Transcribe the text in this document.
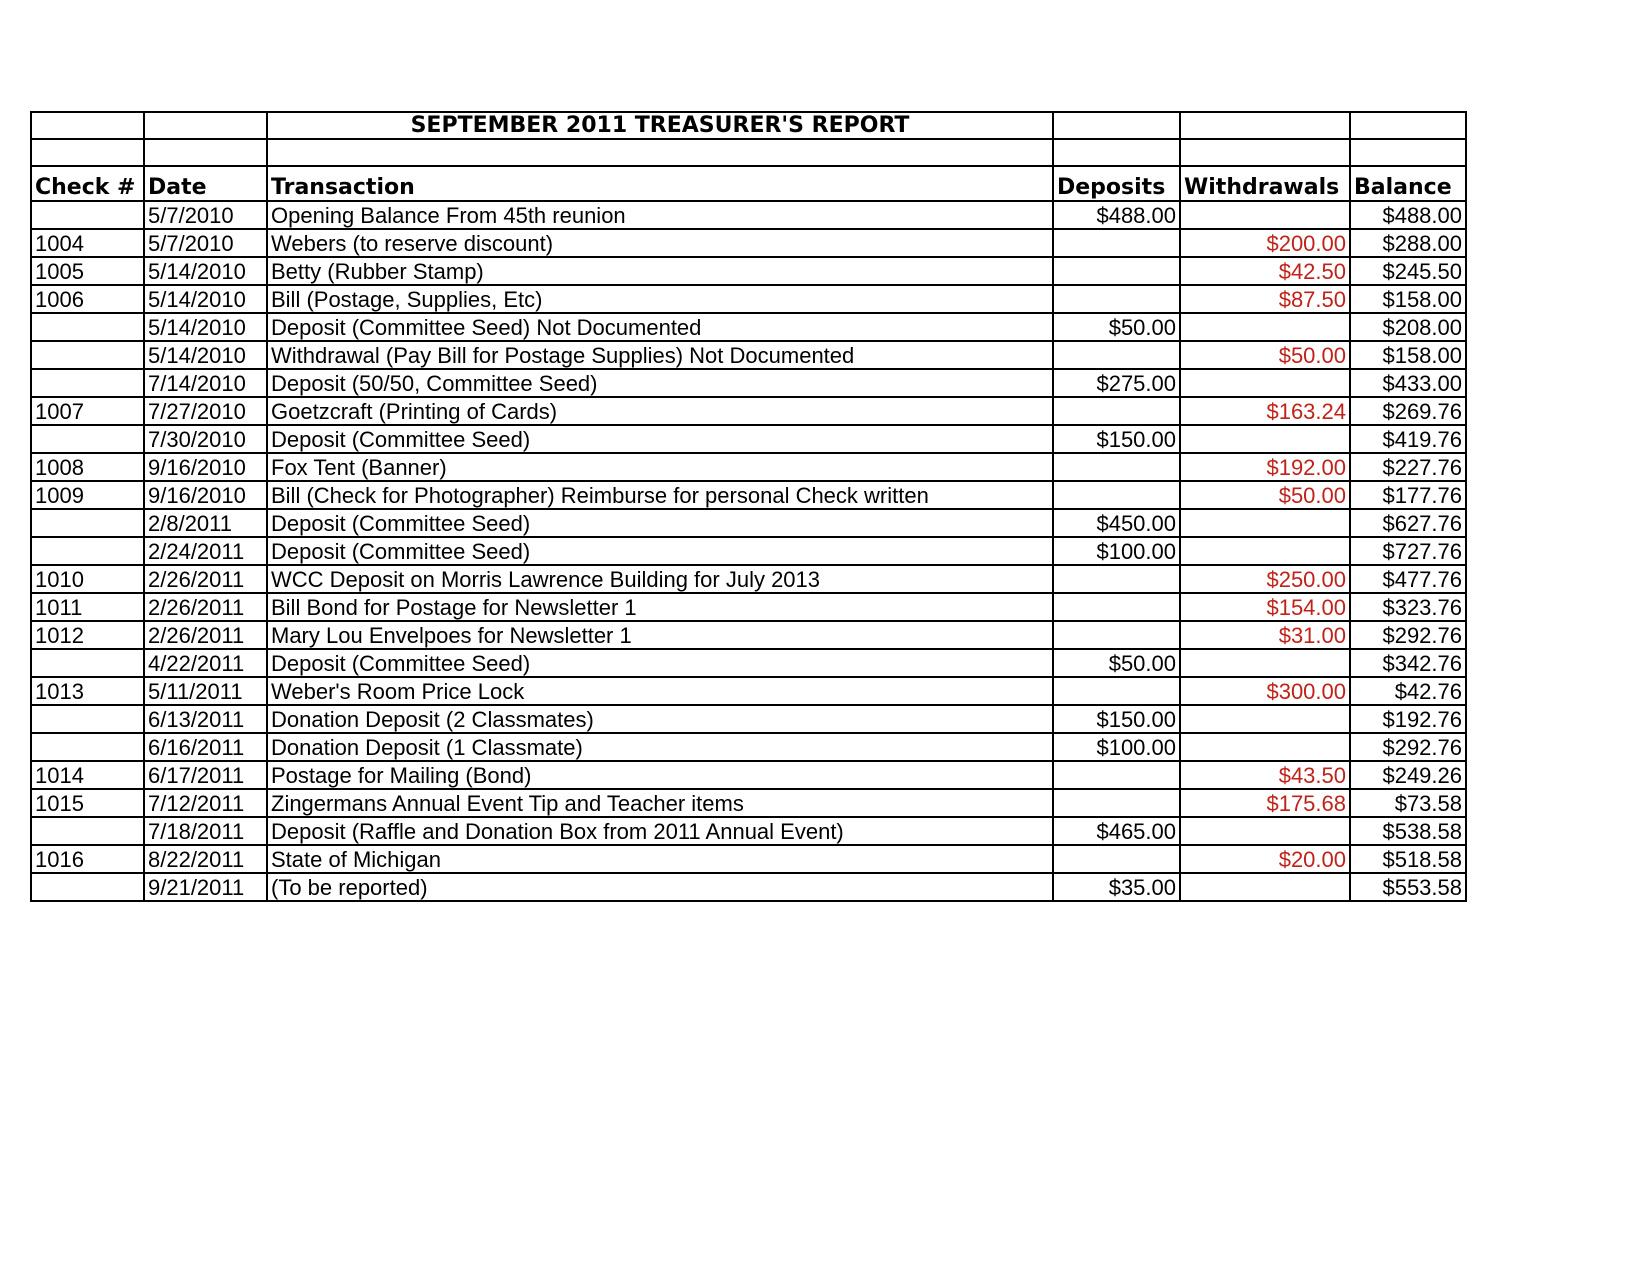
		SEPTEMBER 2011 TREASURER'S REPORT			

Check #	Date	Transaction	Deposits	Withdrawals	Balance
	5/7/2010	Opening Balance From 45th reunion	$488.00		$488.00
1004	5/7/2010	Webers (to reserve discount)		$200.00	$288.00
1005	5/14/2010	Betty (Rubber Stamp)		$42.50	$245.50
1006	5/14/2010	Bill (Postage, Supplies, Etc)		$87.50	$158.00
	5/14/2010	Deposit (Committee Seed) Not Documented	$50.00		$208.00
	5/14/2010	Withdrawal (Pay Bill for Postage Supplies) Not Documented		$50.00	$158.00
	7/14/2010	Deposit (50/50, Committee Seed)	$275.00		$433.00
1007	7/27/2010	Goetzcraft (Printing of Cards)		$163.24	$269.76
	7/30/2010	Deposit (Committee Seed)	$150.00		$419.76
1008	9/16/2010	Fox Tent (Banner)		$192.00	$227.76
1009	9/16/2010	Bill (Check for Photographer) Reimburse for personal Check written		$50.00	$177.76
	2/8/2011	Deposit (Committee Seed)	$450.00		$627.76
	2/24/2011	Deposit (Committee Seed)	$100.00		$727.76
1010	2/26/2011	WCC Deposit on Morris Lawrence Building for July 2013		$250.00	$477.76
1011	2/26/2011	Bill Bond for Postage for Newsletter 1		$154.00	$323.76
1012	2/26/2011	Mary Lou Envelpoes for Newsletter 1		$31.00	$292.76
	4/22/2011	Deposit (Committee Seed)	$50.00		$342.76
1013	5/11/2011	Weber's Room Price Lock		$300.00	$42.76
	6/13/2011	Donation Deposit (2 Classmates)	$150.00		$192.76
	6/16/2011	Donation Deposit (1 Classmate)	$100.00		$292.76
1014	6/17/2011	Postage for Mailing (Bond)		$43.50	$249.26
1015	7/12/2011	Zingermans Annual Event Tip and Teacher items		$175.68	$73.58
	7/18/2011	Deposit (Raffle and Donation Box from 2011 Annual Event)	$465.00		$538.58
1016	8/22/2011	State of Michigan		$20.00	$518.58
	9/21/2011	(To be reported)	$35.00		$553.58
